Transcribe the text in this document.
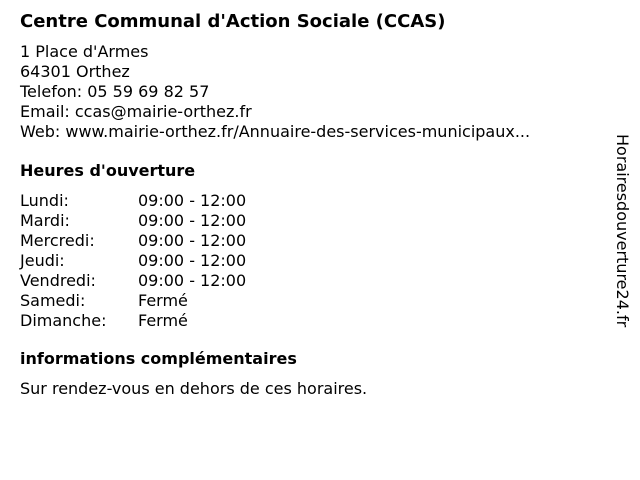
Centre Communal d'Action Sociale (CCAS)
1 Place d'Armes
64301 Orthez
Telefon: 05 59 69 82 57
Email: ccas@mairie-orthez.fr
Web: www.mairie-orthez.fr/Annuaire-des-services-municipaux...
Heures d'ouverture
Lundi:	09:00 - 12:00
Mardi:	09:00 - 12:00
Mercredi:	09:00 - 12:00
Jeudi:	09:00 - 12:00
Vendredi:	09:00 - 12:00
Samedi:	Fermé
Dimanche:	Fermé
informations complémentaires
Sur rendez-vous en dehors de ces horaires.
Horairesdouverture24.fr
